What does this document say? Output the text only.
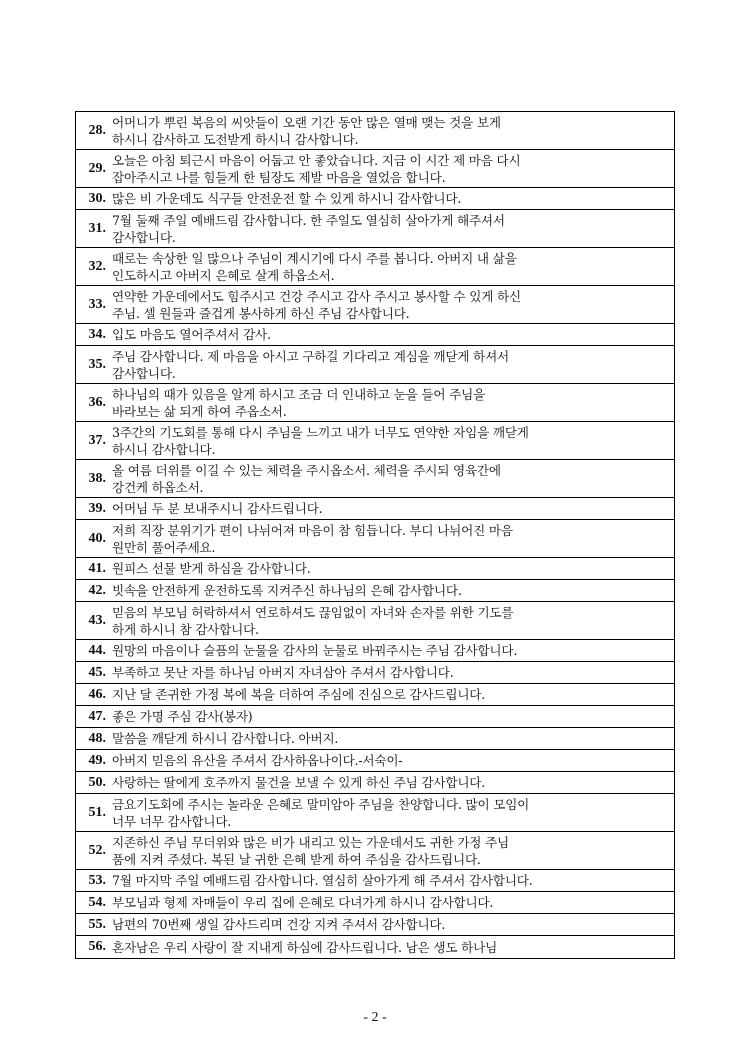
28.
어머니가 뿌린 복음의 씨앗들이 오랜 기간 동안 많은 열매 맺는 것을 보게
하시니 감사하고 도전받게 하시니 감사합니다.
29.
오늘은 아침 퇴근시 마음이 어둡고 안 좋았습니다. 지금 이 시간 제 마음 다시
잡아주시고 나를 힘들게 한 팀장도 제발 마음을 열었음 합니다.
30. 많은 비 가운데도 식구들 안전운전 할 수 있게 하시니 감사합니다.
31.
7월 둘째 주일 예배드림 감사합니다. 한 주일도 열심히 살아가게 해주셔서
감사합니다.
32.
때로는 속상한 일 많으나 주님이 계시기에 다시 주를 봅니다. 아버지 내 삶을
인도하시고 아버지 은혜로 살게 하옵소서.
33.
연약한 가운데에서도 힘주시고 건강 주시고 감사 주시고 봉사할 수 있게 하신
주님. 셀 원들과 즐겁게 봉사하게 하신 주님 감사합니다.
34. 입도 마음도 열어주셔서 감사.
35.
주님 감사합니다. 제 마음을 아시고 구하길 기다리고 계심을 깨닫게 하셔서
감사합니다.
36.
하나님의 때가 있음을 알게 하시고 조금 더 인내하고 눈을 들어 주님을
바라보는 삶 되게 하여 주옵소서.
37.
3주간의 기도회를 통해 다시 주님을 느끼고 내가 너무도 연약한 자임을 깨닫게
하시니 감사합니다.
38.
올 여름 더위를 이길 수 있는 체력을 주시옵소서. 체력을 주시되 영육간에
강건케 하옵소서.
39. 어머님 두 분 보내주시니 감사드립니다.
40.
저희 직장 분위기가 편이 나뉘어져 마음이 참 힘듭니다. 부디 나뉘어진 마음
원만히 풀어주세요.
41. 원피스 선물 받게 하심을 감사합니다.
42. 빗속을 안전하게 운전하도록 지켜주신 하나님의 은혜 감사합니다.
43.
믿음의 부모님 허락하셔서 연로하셔도 끊임없이 자녀와 손자를 위한 기도를
하게 하시니 참 감사합니다.
44. 원망의 마음이나 슬픔의 눈물을 감사의 눈물로 바꿔주시는 주님 감사합니다.
45. 부족하고 못난 자를 하나님 아버지 자녀삼아 주셔서 감사합니다.
46. 지난 달 존귀한 가정 복에 복을 더하여 주심에 진심으로 감사드립니다.
47. 좋은 가명 주심 감사(봉자)
48. 말씀을 깨닫게 하시니 감사합니다. 아버지.
49. 아버지 믿음의 유산을 주셔서 감사하옵나이다.-서숙이-
50. 사랑하는 딸에게 호주까지 물건을 보낼 수 있게 하신 주님 감사합니다.
51.
금요기도회에 주시는 놀라운 은혜로 말미암아 주님을 찬양합니다. 많이 모임이
너무 너무 감사합니다.
52.
지존하신 주님 무더위와 많은 비가 내리고 있는 가운데서도 귀한 가정 주님
품에 지켜 주셨다. 복된 날 귀한 은혜 받게 하여 주심을 감사드립니다.
53. 7월 마지막 주일 예배드림 감사합니다. 열심히 살아가게 해 주셔서 감사합니다.
54. 부모님과 형제 자매들이 우리 집에 은혜로 다녀가게 하시니 감사합니다.
55. 남편의 70번째 생일 감사드리며 건강 지켜 주셔서 감사합니다.
56. 혼자남은 우리 사랑이 잘 지내게 하심에 감사드립니다. 남은 생도 하나님
- 2 -
